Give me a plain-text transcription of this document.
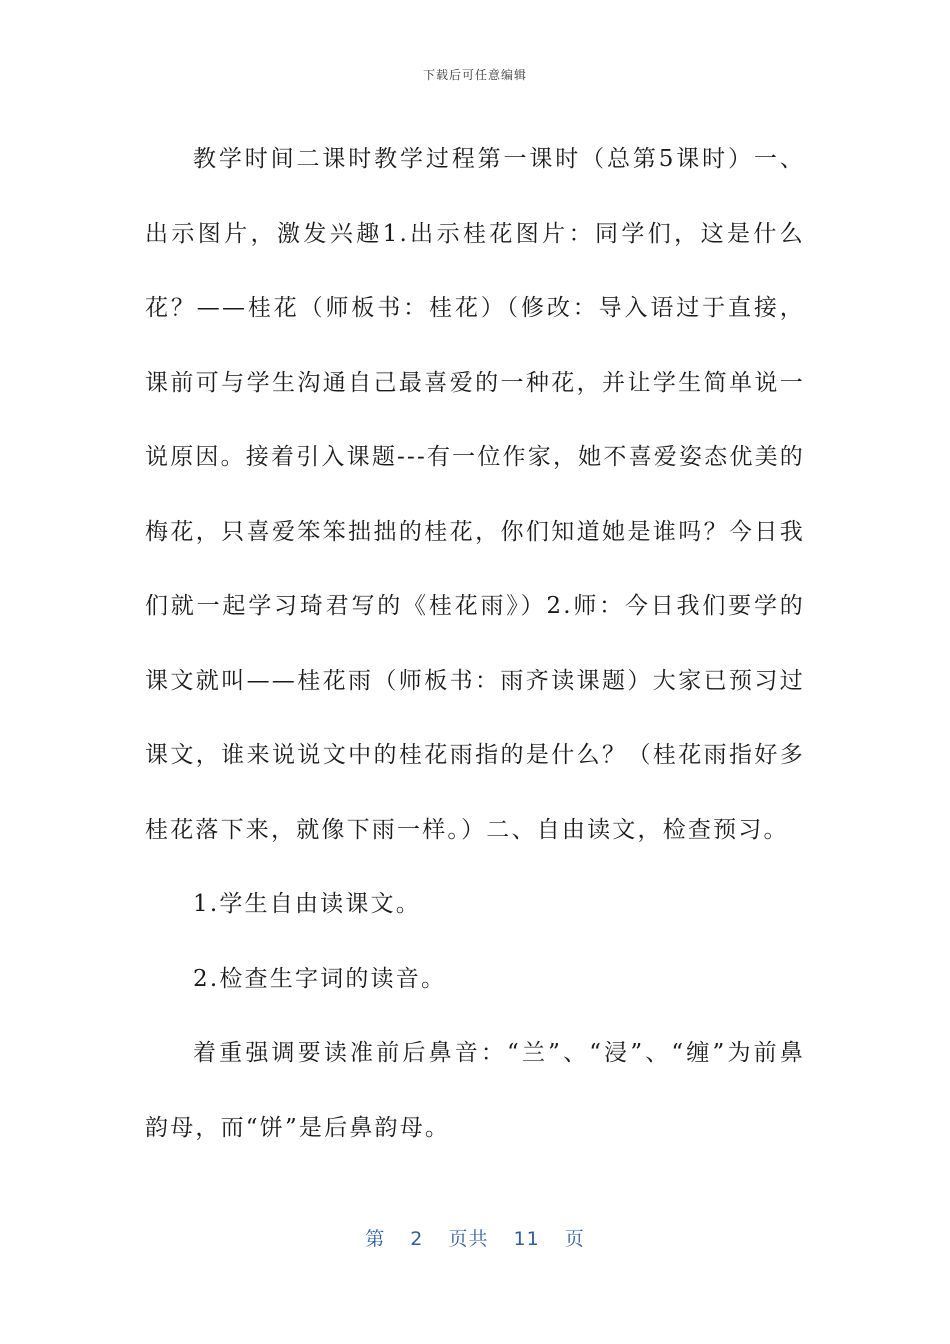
下载后可任意编辑

教学时间二课时教学过程第一课时（总第5课时）一、出示图片，激发兴趣1.出示桂花图片：同学们，这是什么花？——桂花（师板书：桂花）（修改：导入语过于直接，课前可与学生沟通自己最喜爱的一种花，并让学生简单说一说原因。接着引入课题---有一位作家，她不喜爱姿态优美的梅花，只喜爱笨笨拙拙的桂花，你们知道她是谁吗？今日我们就一起学习琦君写的《桂花雨》）2.师：今日我们要学的课文就叫——桂花雨（师板书：雨齐读课题）大家已预习过课文，谁来说说文中的桂花雨指的是什么？（桂花雨指好多桂花落下来，就像下雨一样。）二、自由读文，检查预习。

1.学生自由读课文。

2.检查生字词的读音。

着重强调要读准前后鼻音：“兰”、“浸”、“缠”为前鼻韵母，而“饼”是后鼻韵母。

第 2 页共 11 页
